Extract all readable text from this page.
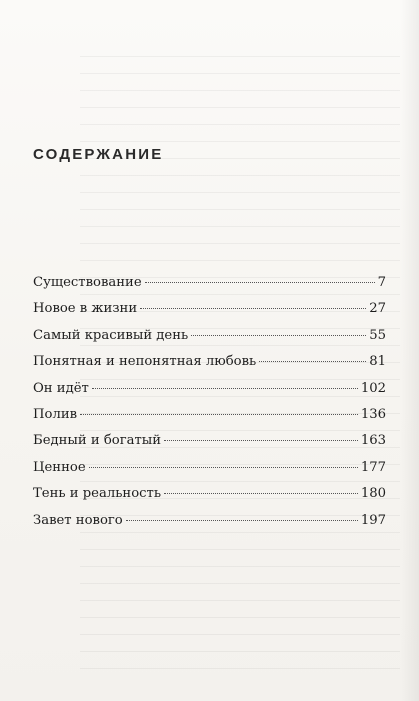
СОДЕРЖАНИЕ
Существование	7
Новое в жизни	27
Самый красивый день	55
Понятная и непонятная любовь	81
Он идёт	102
Полив	136
Бедный и богатый	163
Ценное	177
Тень и реальность	180
Завет нового	197
